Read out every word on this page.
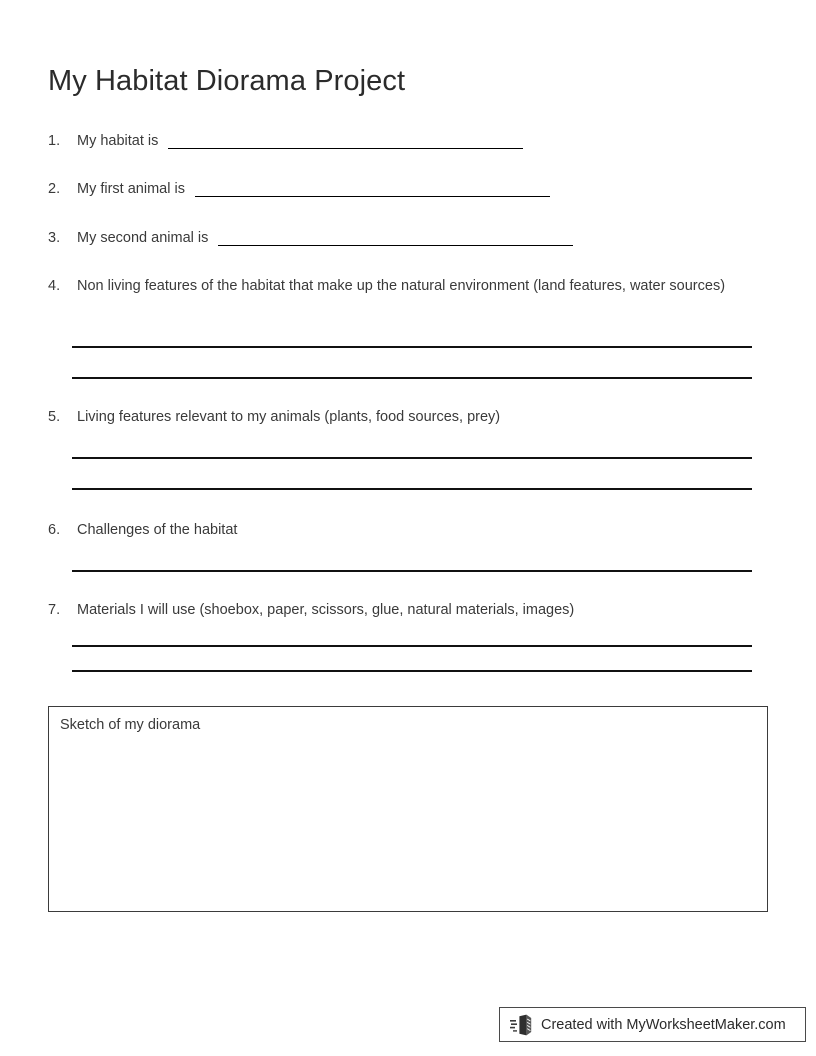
My Habitat Diorama Project
1.	My habitat is
2.	My first animal is
3.	My second animal is
4.	Non living features of the habitat that make up the natural environment (land features, water sources)
5.	Living features relevant to my animals (plants, food sources, prey)
6.	Challenges of the habitat
7.	Materials I will use (shoebox, paper, scissors, glue, natural materials, images)
Sketch of my diorama
Created with MyWorksheetMaker.com
